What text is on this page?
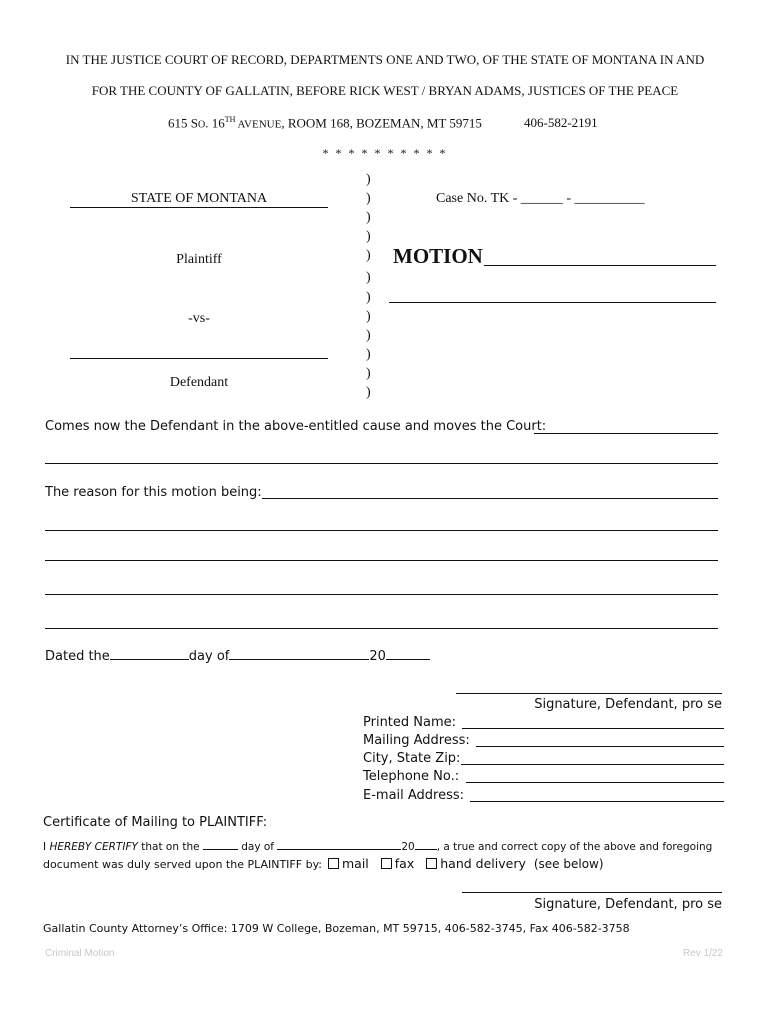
IN THE JUSTICE COURT OF RECORD, DEPARTMENTS ONE AND TWO, OF THE STATE OF MONTANA IN AND
FOR THE COUNTY OF GALLATIN, BEFORE RICK WEST / BRYAN ADAMS, JUSTICES OF THE PEACE
615 SO. 16TH AVENUE, ROOM 168, BOZEMAN, MT 59715	406-582-2191
* * * * * * * * * *
STATE OF MONTANA
Plaintiff
-vs-
Defendant
)
)
)
)
)
)
)
)
)
)
)
)
Case No. TK - ______ - __________
MOTION
Comes now the Defendant in the above-entitled cause and moves the Court:
The reason for this motion being:
Dated the	day of	20
Signature, Defendant, pro se
Printed Name:
Mailing Address:
City, State Zip:
Telephone No.:
E-mail Address:
Certificate of Mailing to PLAINTIFF:
I HEREBY CERTIFY that on the	day of	20 , a true and correct copy of the above and foregoing
document was duly served upon the PLAINTIFF by: mail fax hand delivery (see below)
Signature, Defendant, pro se
Gallatin County Attorney’s Office: 1709 W College, Bozeman, MT 59715, 406-582-3745, Fax 406-582-3758
Criminal Motion	Rev 1/22
